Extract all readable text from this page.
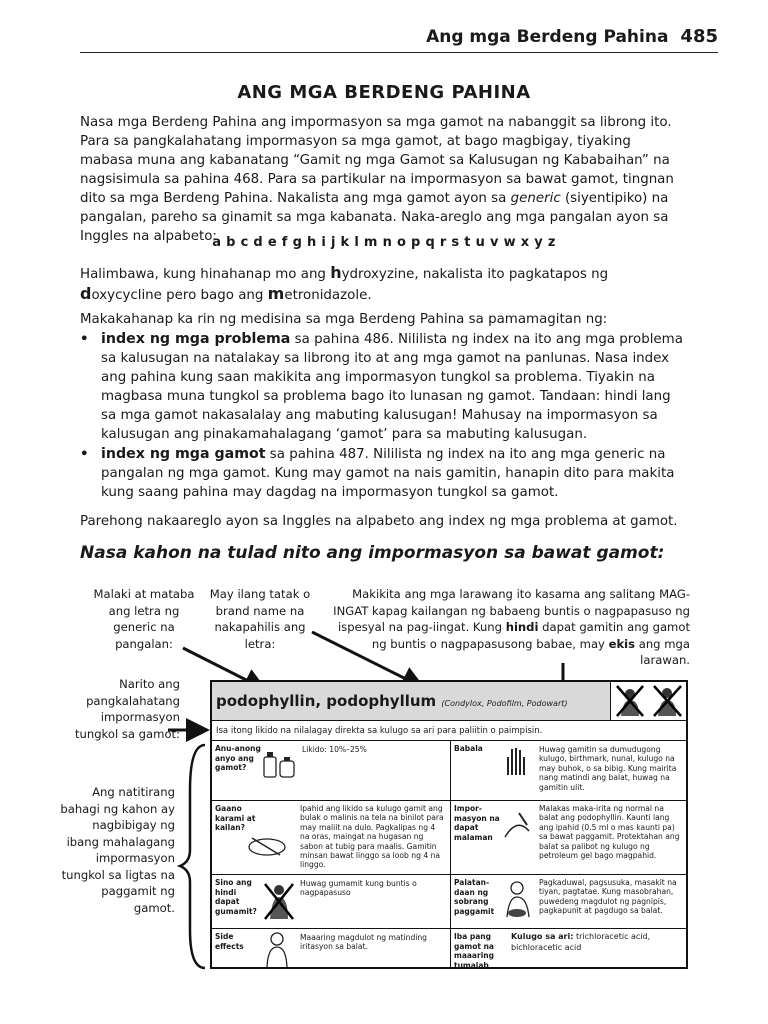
Ang mga Berdeng Pahina 485
ANG MGA BERDENG PAHINA
Nasa mga Berdeng Pahina ang impormasyon sa mga gamot na nabanggit sa librong ito. Para sa pangkalahatang impormasyon sa mga gamot, at bago magbigay, tiyaking mabasa muna ang kabanatang “Gamit ng mga Gamot sa Kalusugan ng Kababaihan” na nagsisimula sa pahina 468. Para sa partikular na impormasyon sa bawat gamot, tingnan dito sa mga Berdeng Pahina. Nakalista ang mga gamot ayon sa generic (siyentipiko) na pangalan, pareho sa ginamit sa mga kabanata. Naka-areglo ang mga pangalan ayon sa Inggles na alpabeto:
a b c d e f g h i j k l m n o p q r s t u v w x y z
Halimbawa, kung hinahanap mo ang hydroxyzine, nakalista ito pagkatapos ng doxycycline pero bago ang metronidazole.
Makakahanap ka rin ng medisina sa mga Berdeng Pahina sa pamamagitan ng:
• index ng mga problema sa pahina 486. Nililista ng index na ito ang mga problema sa kalusugan na natalakay sa librong ito at ang mga gamot na panlunas. Nasa index ang pahina kung saan makikita ang impormasyon tungkol sa problema. Tiyakin na magbasa muna tungkol sa problema bago ito lunasan ng gamot. Tandaan: hindi lang sa mga gamot nakasalalay ang mabuting kalusugan! Mahusay na impormasyon sa kalusugan ang pinakamahalagang ‘gamot’ para sa mabuting kalusugan.
• index ng mga gamot sa pahina 487. Nililista ng index na ito ang mga generic na pangalan ng mga gamot. Kung may gamot na nais gamitin, hanapin dito para makita kung saang pahina may dagdag na impormasyon tungkol sa gamot.
Parehong nakaareglo ayon sa Inggles na alpabeto ang index ng mga problema at gamot.
Nasa kahon na tulad nito ang impormasyon sa bawat gamot:
Malaki at mataba ang letra ng generic na pangalan:
May ilang tatak o brand name na nakapahilis ang letra:
Makikita ang mga larawang ito kasama ang salitang MAG-INGAT kapag kailangan ng babaeng buntis o nagpapasuso ng ispesyal na pag-iingat. Kung hindi dapat gamitin ang gamot ng buntis o nagpapasusong babae, may ekis ang mga larawan.
Narito ang pangkalahatang impormasyon tungkol sa gamot:
Ang natitirang bahagi ng kahon ay nagbibigay ng ibang mahalagang impormasyon tungkol sa ligtas na paggamit ng gamot.
podophyllin, podophyllum (Condylox, Podofilm, Podowart)
Isa itong likido na nilalagay direkta sa kulugo sa ari para paliitin o paimpisin.
Anu-anong anyo ang gamot?
Likido: 10%–25%	Babala	Huwag gamitin sa dumudugong kulugo, birthmark, nunal, kulugo na may buhok, o sa bibig. Kung mairita nang matindi ang balat, huwag na gamitin ulit.
Gaano karami at kailan?
Ipahid ang likido sa kulugo gamit ang bulak o malinis na tela na binilot para may maliit na dulo. Pagkalipas ng 4 na oras, maingat na hugasan ng sabon at tubig para maalis. Gamitin minsan bawat linggo sa loob ng 4 na linggo.
Impor-masyon na dapat malaman
Malakas maka-irita ng normal na balat ang podophyllin. Kaunti lang ang ipahid (0.5 ml o mas kaunti pa) sa bawat paggamit. Protektahan ang balat sa palibot ng kulugo ng petroleum gel bago magpahid.
Sino ang hindi dapat gumamit?
Huwag gumamit kung buntis o nagpapasuso
Palatan-daan ng sobrang paggamit
Pagkaduwal, pagsusuka, masakit na tiyan, pagtatae. Kung masobrahan, puwedeng magdulot ng pagnipis, pagkapunit at pagdugo sa balat.
Side effects
Maaaring magdulot ng matinding iritasyon sa balat.
Iba pang gamot na maaaring tumalab
Kulugo sa ari: trichloracetic acid, bichloracetic acid
